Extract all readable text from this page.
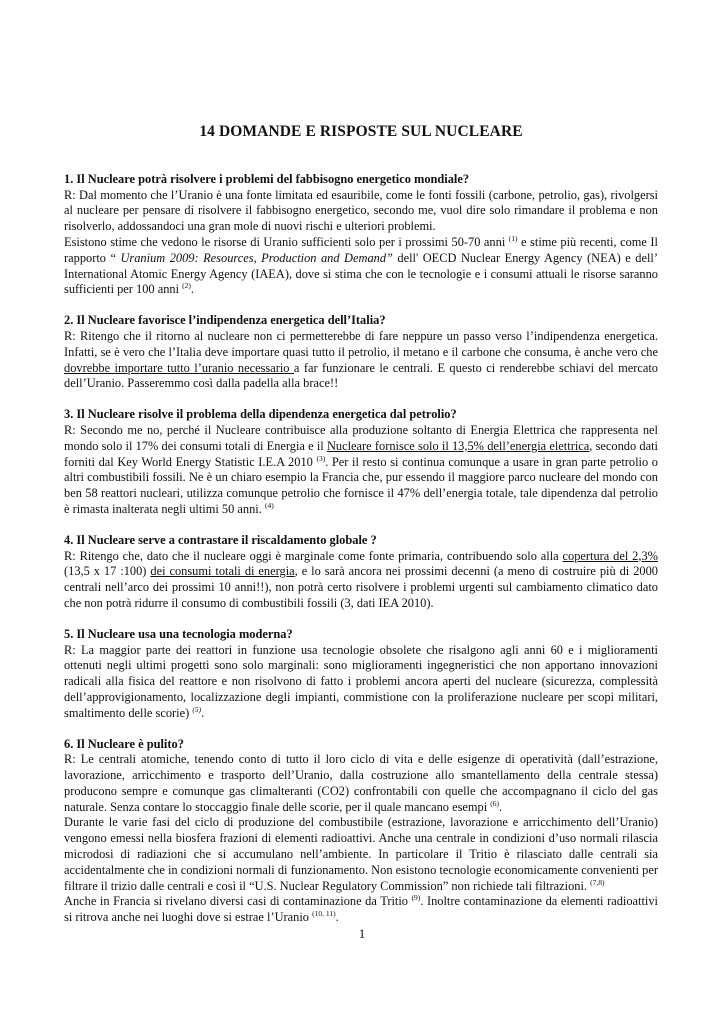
14 DOMANDE E RISPOSTE SUL NUCLEARE

1. Il Nucleare potrà risolvere i problemi del fabbisogno energetico mondiale?

R: Dal momento che l’Uranio è una fonte limitata ed esauribile, come le fonti fossili (carbone, petrolio, gas), rivolgersi al nucleare per pensare di risolvere il fabbisogno energetico, secondo me, vuol dire solo rimandare il problema e non risolverlo, addossandoci una gran mole di nuovi rischi e ulteriori problemi.

Esistono stime che vedono le risorse di Uranio sufficienti solo per i prossimi 50-70 anni $^{(1)}$ e stime più recenti, come Il rapporto “ Uranium 2009: Resources, Production and Demand” dell' OECD Nuclear Energy Agency (NEA) e dell’ International Atomic Energy Agency (IAEA), dove si stima che con le tecnologie e i consumi attuali le risorse saranno sufficienti per 100 anni $^{(2)}$.

2. Il Nucleare favorisce l’indipendenza energetica dell’Italia?

R: Ritengo che il ritorno al nucleare non ci permetterebbe di fare neppure un passo verso l’indipendenza energetica. Infatti, se è vero che l’Italia deve importare quasi tutto il petrolio, il metano e il carbone che consuma, è anche vero che dovrebbe importare tutto l’uranio necessario a far funzionare le centrali. E questo ci renderebbe schiavi del mercato dell’Uranio. Passeremmo così dalla padella alla brace!!

3. Il Nucleare risolve il problema della dipendenza energetica dal petrolio?

R: Secondo me no, perché il Nucleare contribuisce alla produzione soltanto di Energia Elettrica che rappresenta nel mondo solo il 17% dei consumi totali di Energia e il Nucleare fornisce solo il 13,5% dell’energia elettrica, secondo dati forniti dal Key World Energy Statistic I.E.A 2010 $^{(3)}$. Per il resto si continua comunque a usare in gran parte petrolio o altri combustibili fossili. Ne è un chiaro esempio la Francia che, pur essendo il maggiore parco nucleare del mondo con ben 58 reattori nucleari, utilizza comunque petrolio che fornisce il 47% dell’energia totale, tale dipendenza dal petrolio è rimasta inalterata negli ultimi 50 anni. $^{(4)}$

4. Il Nucleare serve a contrastare il riscaldamento globale ?

R: Ritengo che, dato che il nucleare oggi è marginale come fonte primaria, contribuendo solo alla copertura del 2,3% (13,5 x 17 :100) dei consumi totali di energia, e lo sarà ancora nei prossimi decenni (a meno di costruire più di 2000 centrali nell’arco dei prossimi 10 anni!!), non potrà certo risolvere i problemi urgenti sul cambiamento climatico dato che non potrà ridurre il consumo di combustibili fossili (3, dati IEA 2010).

5. Il Nucleare usa una tecnologia moderna?

R: La maggior parte dei reattori in funzione usa tecnologie obsolete che risalgono agli anni 60 e i miglioramenti ottenuti negli ultimi progetti sono solo marginali: sono miglioramenti ingegneristici che non apportano innovazioni radicali alla fisica del reattore e non risolvono di fatto i problemi ancora aperti del nucleare (sicurezza, complessità dell’approvigionamento, localizzazione degli impianti, commistione con la proliferazione nucleare per scopi militari, smaltimento delle scorie) $^{(5)}$.

6. Il Nucleare è pulito?

R: Le centrali atomiche, tenendo conto di tutto il loro ciclo di vita e delle esigenze di operatività (dall’estrazione, lavorazione, arricchimento e trasporto dell’Uranio, dalla costruzione allo smantellamento della centrale stessa) producono sempre e comunque gas climalteranti (CO2) confrontabili con quelle che accompagnano il ciclo del gas naturale. Senza contare lo stoccaggio finale delle scorie, per il quale mancano esempi $^{(6)}$.

Durante le varie fasi del ciclo di produzione del combustibile (estrazione, lavorazione e arricchimento dell’Uranio) vengono emessi nella biosfera frazioni di elementi radioattivi. Anche una centrale in condizioni d’uso normali rilascia microdosi di radiazioni che si accumulano nell’ambiente. In particolare il Tritio è rilasciato dalle centrali sia accidentalmente che in condizioni normali di funzionamento. Non esistono tecnologie economicamente convenienti per filtrare il trizio dalle centrali e così il “U.S. Nuclear Regulatory Commission” non richiede tali filtrazioni. $^{(7,8)}$

Anche in Francia si rivelano diversi casi di contaminazione da Tritio $^{(9)}$. Inoltre contaminazione da elementi radioattivi si ritrova anche nei luoghi dove si estrae l’Uranio $^{(10, 11)}$.

1
